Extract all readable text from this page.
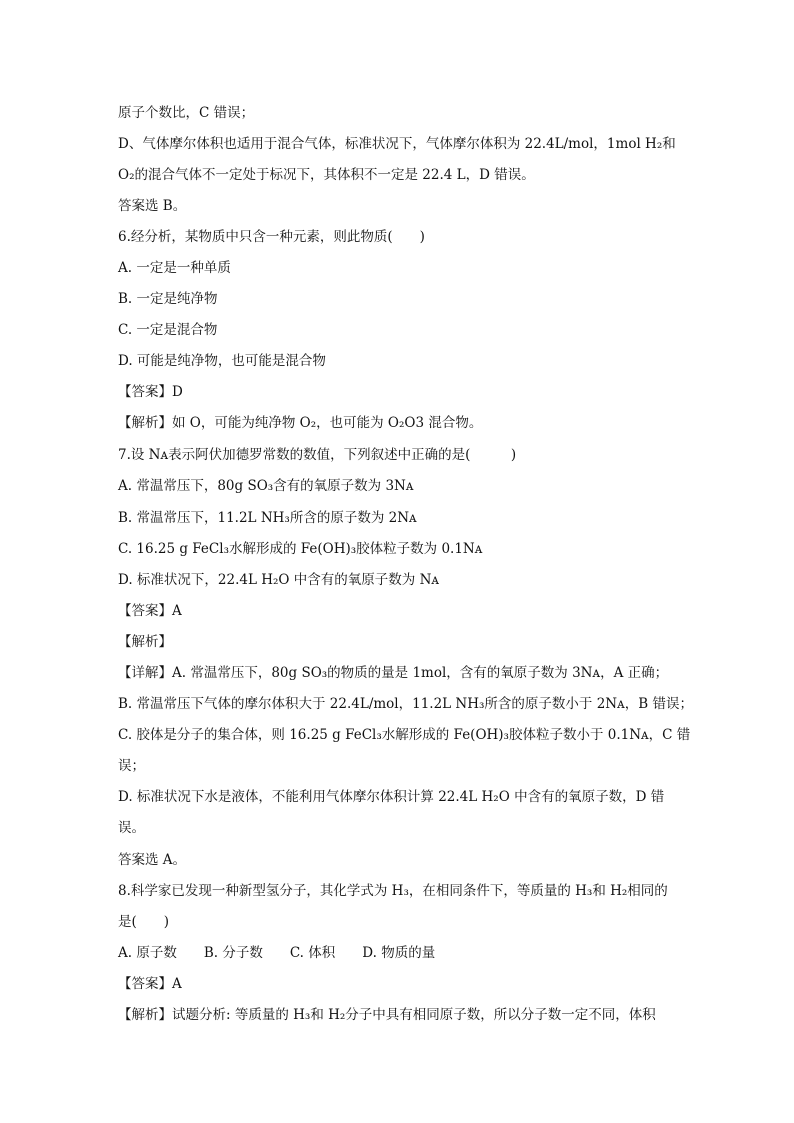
原子个数比，C 错误；
D、气体摩尔体积也适用于混合气体，标准状况下，气体摩尔体积为 22.4L/mol，1mol H₂和
O₂的混合气体不一定处于标况下，其体积不一定是 22.4 L，D 错误。
答案选 B。
6.经分析，某物质中只含一种元素，则此物质(　　)
A. 一定是一种单质
B. 一定是纯净物
C. 一定是混合物
D. 可能是纯净物，也可能是混合物
【答案】D
【解析】如 O，可能为纯净物 O₂，也可能为 O₂O3 混合物。
7.设 Nᴀ表示阿伏加德罗常数的数值，下列叙述中正确的是(　　　)
A. 常温常压下，80g SO₃含有的氧原子数为 3Nᴀ
B. 常温常压下，11.2L NH₃所含的原子数为 2Nᴀ
C. 16.25 g FeCl₃水解形成的 Fe(OH)₃胶体粒子数为 0.1Nᴀ
D. 标准状况下，22.4L H₂O 中含有的氧原子数为 Nᴀ
【答案】A
【解析】
【详解】A. 常温常压下，80g SO₃的物质的量是 1mol，含有的氧原子数为 3Nᴀ，A 正确；
B. 常温常压下气体的摩尔体积大于 22.4L/mol，11.2L NH₃所含的原子数小于 2Nᴀ，B 错误；
C. 胶体是分子的集合体，则 16.25 g FeCl₃水解形成的 Fe(OH)₃胶体粒子数小于 0.1Nᴀ，C 错
误；
D. 标准状况下水是液体，不能利用气体摩尔体积计算 22.4L H₂O 中含有的氧原子数，D 错
误。
答案选 A。
8.科学家已发现一种新型氢分子，其化学式为 H₃，在相同条件下，等质量的 H₃和 H₂相同的
是(　　)
A. 原子数　　B. 分子数　　C. 体积　　D. 物质的量
【答案】A
【解析】试题分析: 等质量的 H₃和 H₂分子中具有相同原子数，所以分子数一定不同，体积
